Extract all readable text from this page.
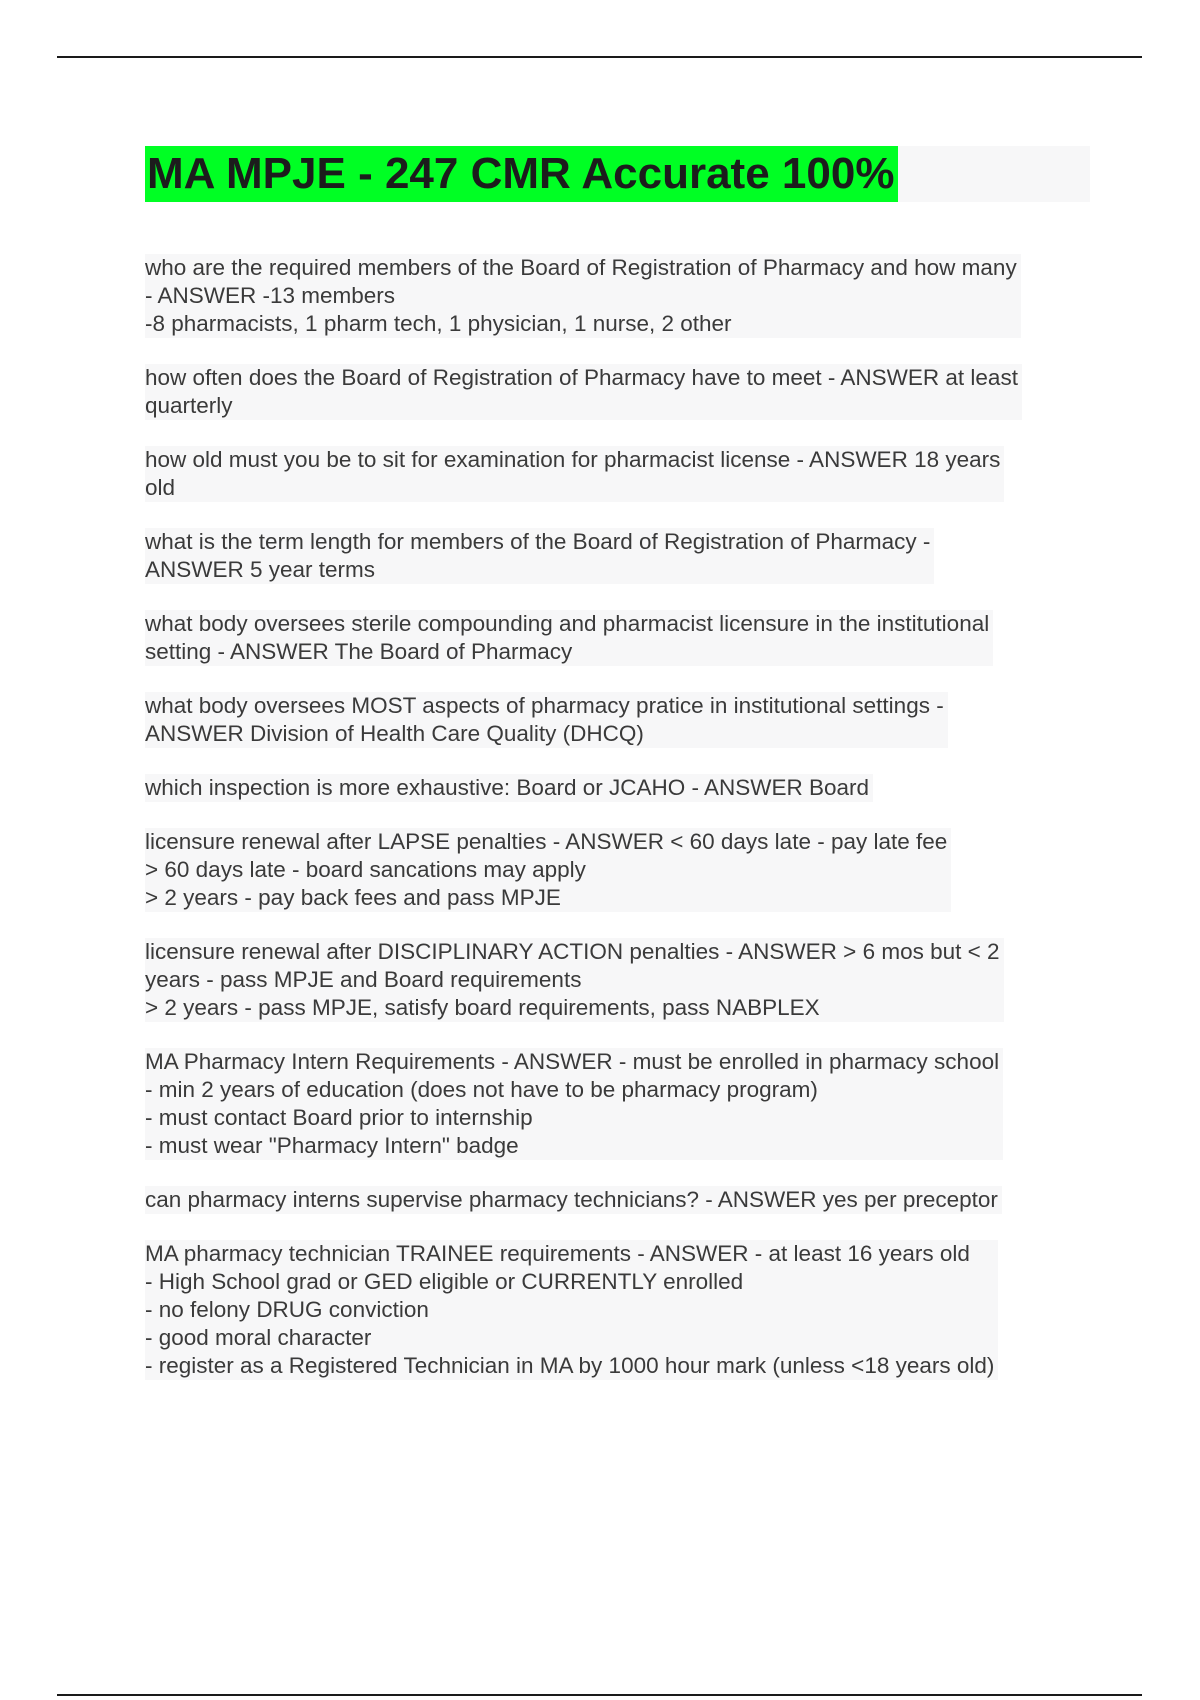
MA MPJE - 247 CMR Accurate 100%
who are the required members of the Board of Registration of Pharmacy and how many
- ANSWER -13 members
-8 pharmacists, 1 pharm tech, 1 physician, 1 nurse, 2 other
how often does the Board of Registration of Pharmacy have to meet - ANSWER at least
quarterly
how old must you be to sit for examination for pharmacist license - ANSWER 18 years
old
what is the term length for members of the Board of Registration of Pharmacy -
ANSWER 5 year terms
what body oversees sterile compounding and pharmacist licensure in the institutional
setting - ANSWER The Board of Pharmacy
what body oversees MOST aspects of pharmacy pratice in institutional settings -
ANSWER Division of Health Care Quality (DHCQ)
which inspection is more exhaustive: Board or JCAHO - ANSWER Board
licensure renewal after LAPSE penalties - ANSWER < 60 days late - pay late fee
> 60 days late - board sancations may apply
> 2 years - pay back fees and pass MPJE
licensure renewal after DISCIPLINARY ACTION penalties - ANSWER > 6 mos but < 2
years - pass MPJE and Board requirements
> 2 years - pass MPJE, satisfy board requirements, pass NABPLEX
MA Pharmacy Intern Requirements - ANSWER - must be enrolled in pharmacy school
- min 2 years of education (does not have to be pharmacy program)
- must contact Board prior to internship
- must wear "Pharmacy Intern" badge
can pharmacy interns supervise pharmacy technicians? - ANSWER yes per preceptor
MA pharmacy technician TRAINEE requirements - ANSWER - at least 16 years old
- High School grad or GED eligible or CURRENTLY enrolled
- no felony DRUG conviction
- good moral character
- register as a Registered Technician in MA by 1000 hour mark (unless <18 years old)
